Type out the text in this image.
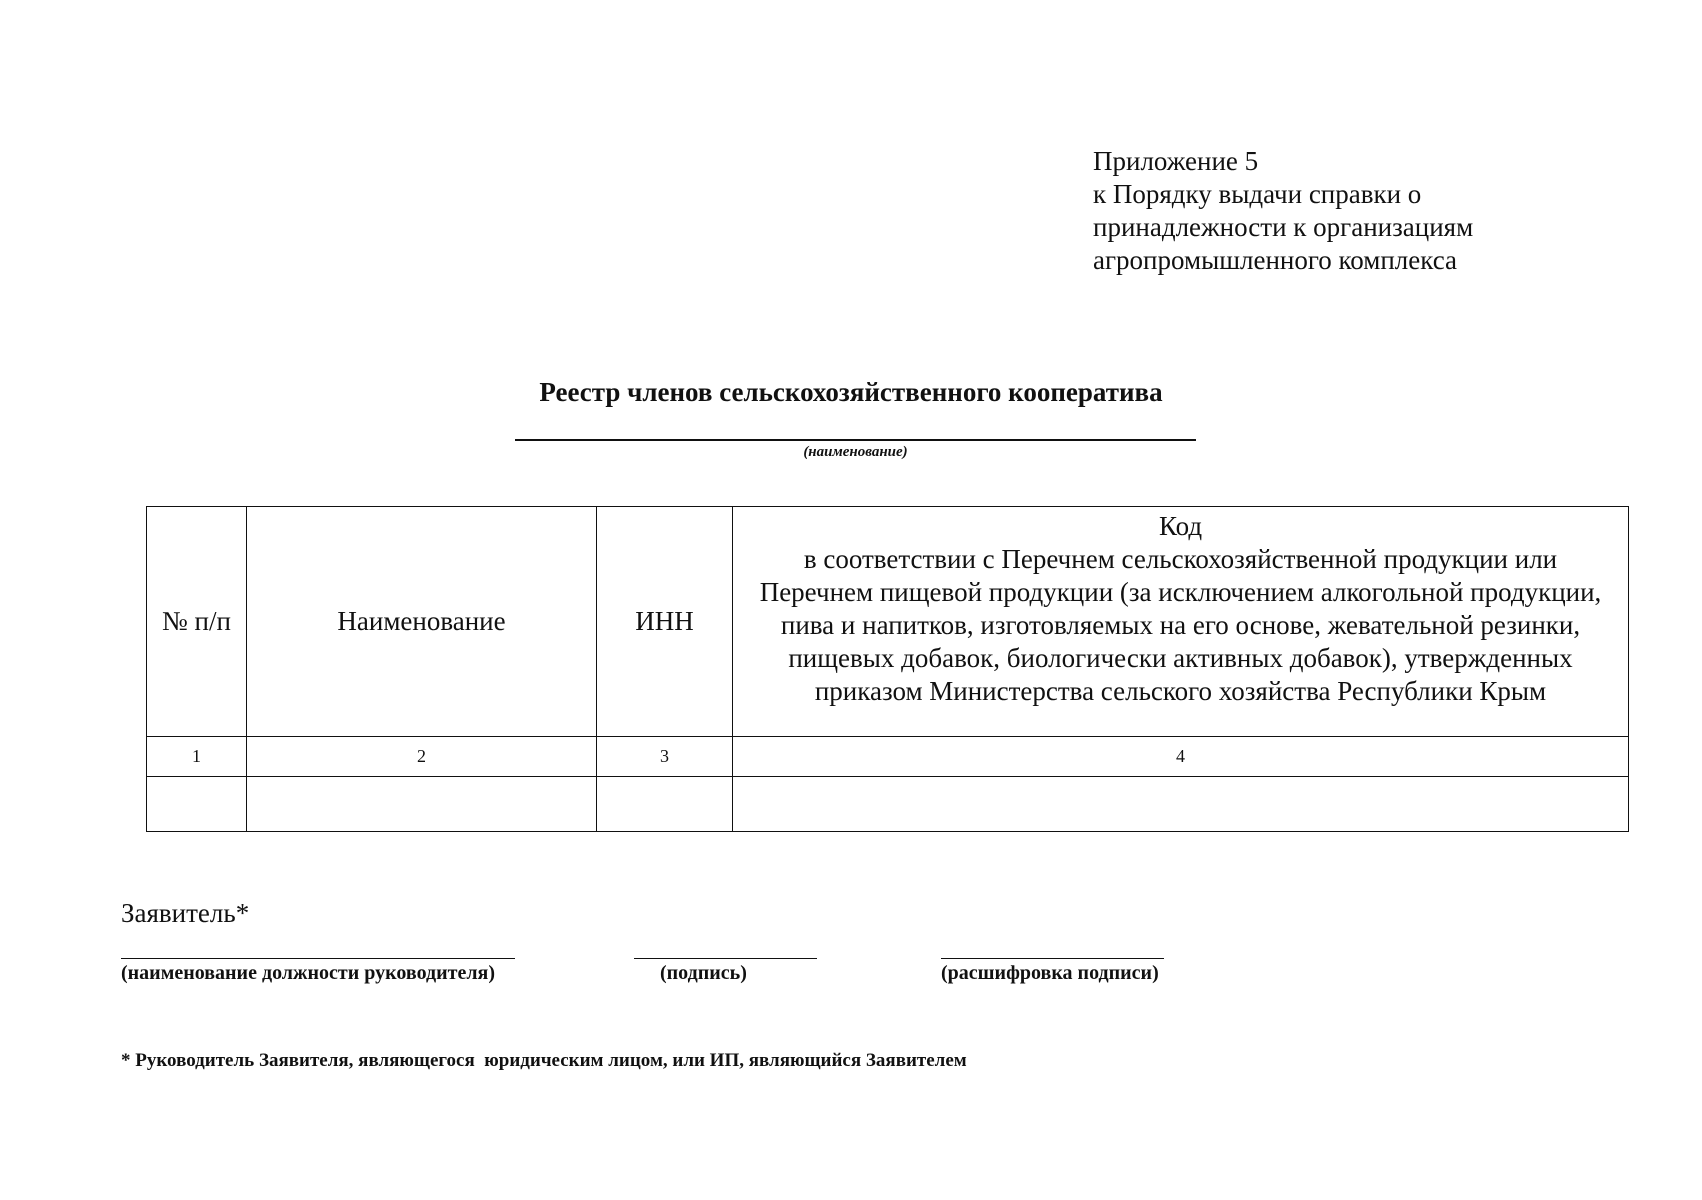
Приложение 5
к Порядку выдачи справки о
принадлежности к организациям
агропромышленного комплекса
Реестр членов сельскохозяйственного кооператива
(наименование)
№ п/п	Наименование	ИНН	Код
в соответствии с Перечнем сельскохозяйственной продукции или Перечнем пищевой продукции (за исключением алкогольной продукции, пива и напитков, изготовляемых на его основе, жевательной резинки, пищевых добавок, биологически активных добавок), утвержденных приказом Министерства сельского хозяйства Республики Крым

1	2	3	4

Заявитель*
(наименование должности руководителя)	(подпись)	(расшифровка подписи)
* Руководитель Заявителя, являющегося  юридическим лицом, или ИП, являющийся Заявителем
